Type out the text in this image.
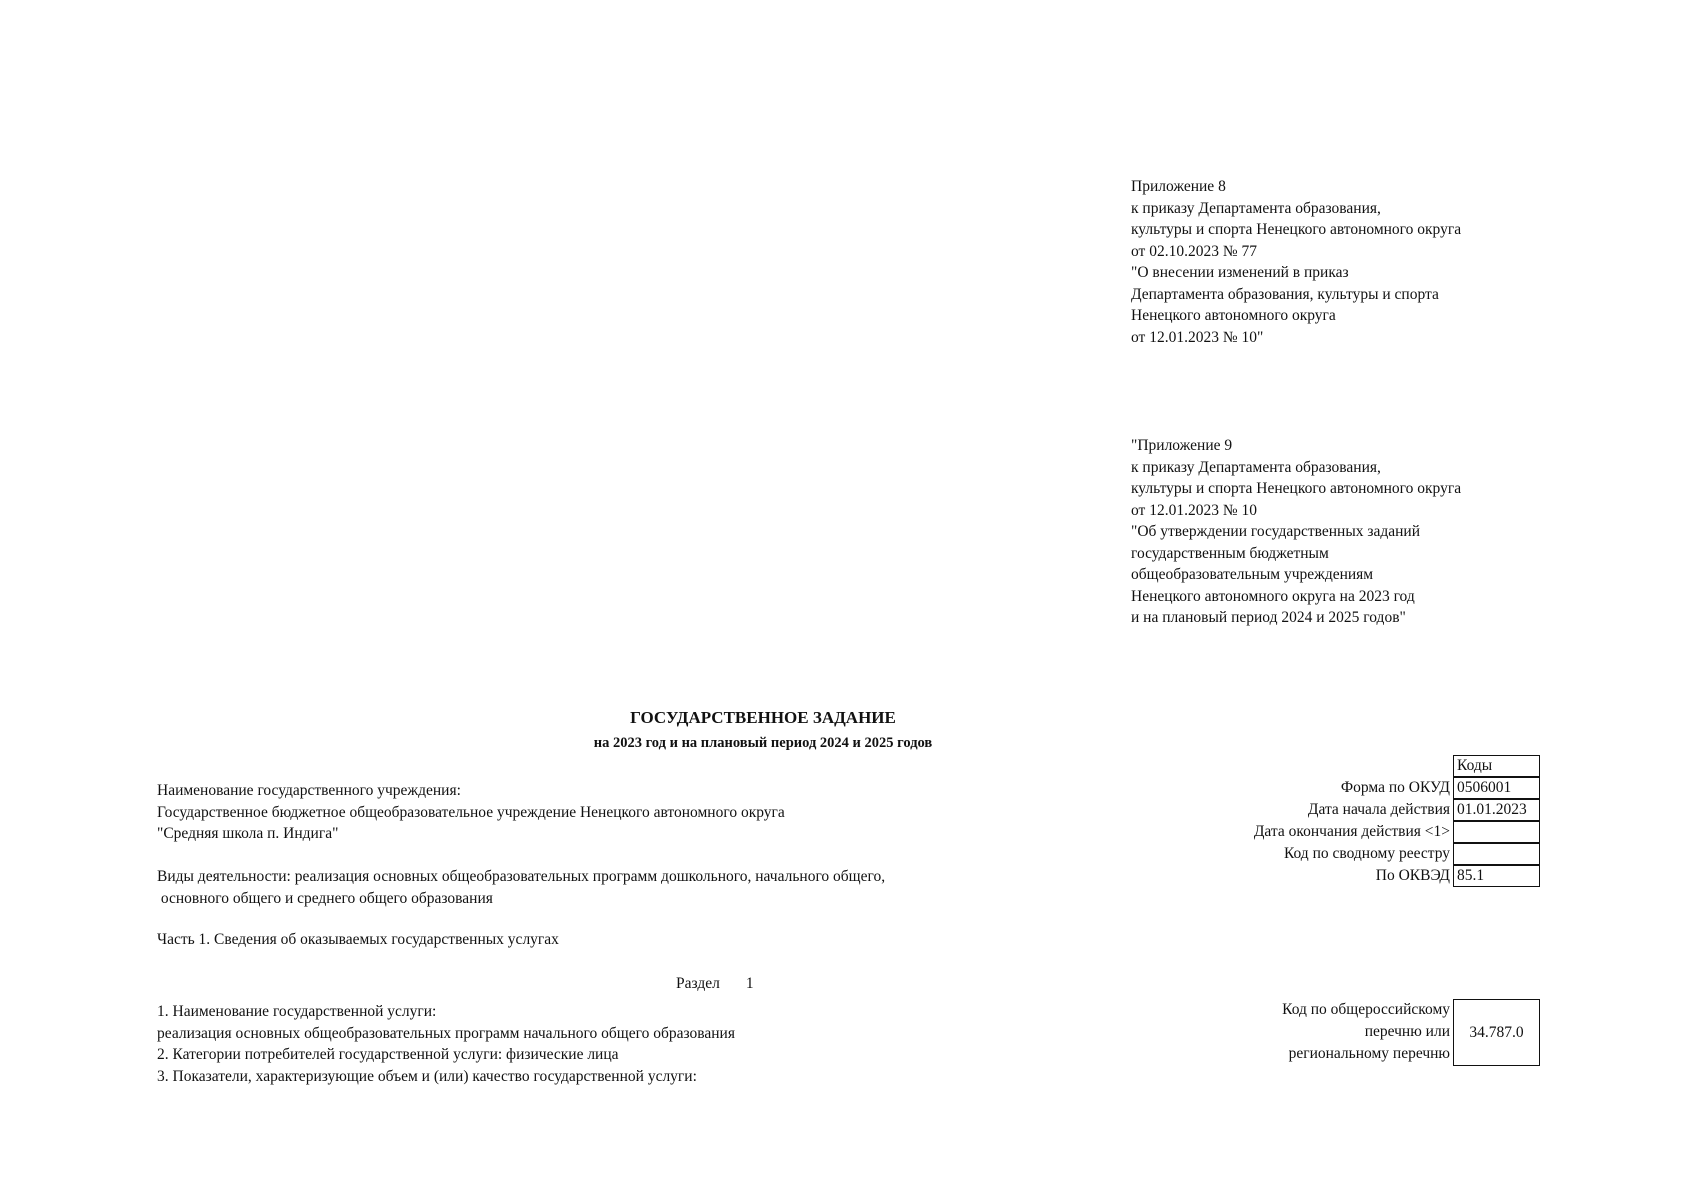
Приложение 8
к приказу Департамента образования,
культуры и спорта Ненецкого автономного округа
от 02.10.2023 № 77
"О внесении изменений в приказ
Департамента образования, культуры и спорта
Ненецкого автономного округа
от 12.01.2023 № 10"
"Приложение 9
к приказу Департамента образования,
культуры и спорта Ненецкого автономного округа
от 12.01.2023 № 10
"Об утверждении государственных заданий
государственным бюджетным
общеобразовательным учреждениям
Ненецкого автономного округа на 2023 год
и на плановый период 2024 и 2025 годов"
ГОСУДАРСТВЕННОЕ ЗАДАНИЕ
на 2023 год и на плановый период 2024 и 2025 годов
Наименование государственного учреждения:
Государственное бюджетное общеобразовательное учреждение Ненецкого автономного округа
"Средняя школа п. Индига"
Виды деятельности: реализация основных общеобразовательных программ дошкольного, начального общего,
основного общего и среднего общего образования
Часть 1. Сведения об оказываемых государственных услугах
Раздел 1
1. Наименование государственной услуги:
реализация основных общеобразовательных программ начального общего образования
2. Категории потребителей государственной услуги: физические лица
3. Показатели, характеризующие объем и (или) качество государственной услуги:
Коды
Форма по ОКУД 0506001
Дата начала действия 01.01.2023
Дата окончания действия <1>
Код по сводному реестру
По ОКВЭД 85.1
Код по общероссийскому
перечню или
региональному перечню
34.787.0
